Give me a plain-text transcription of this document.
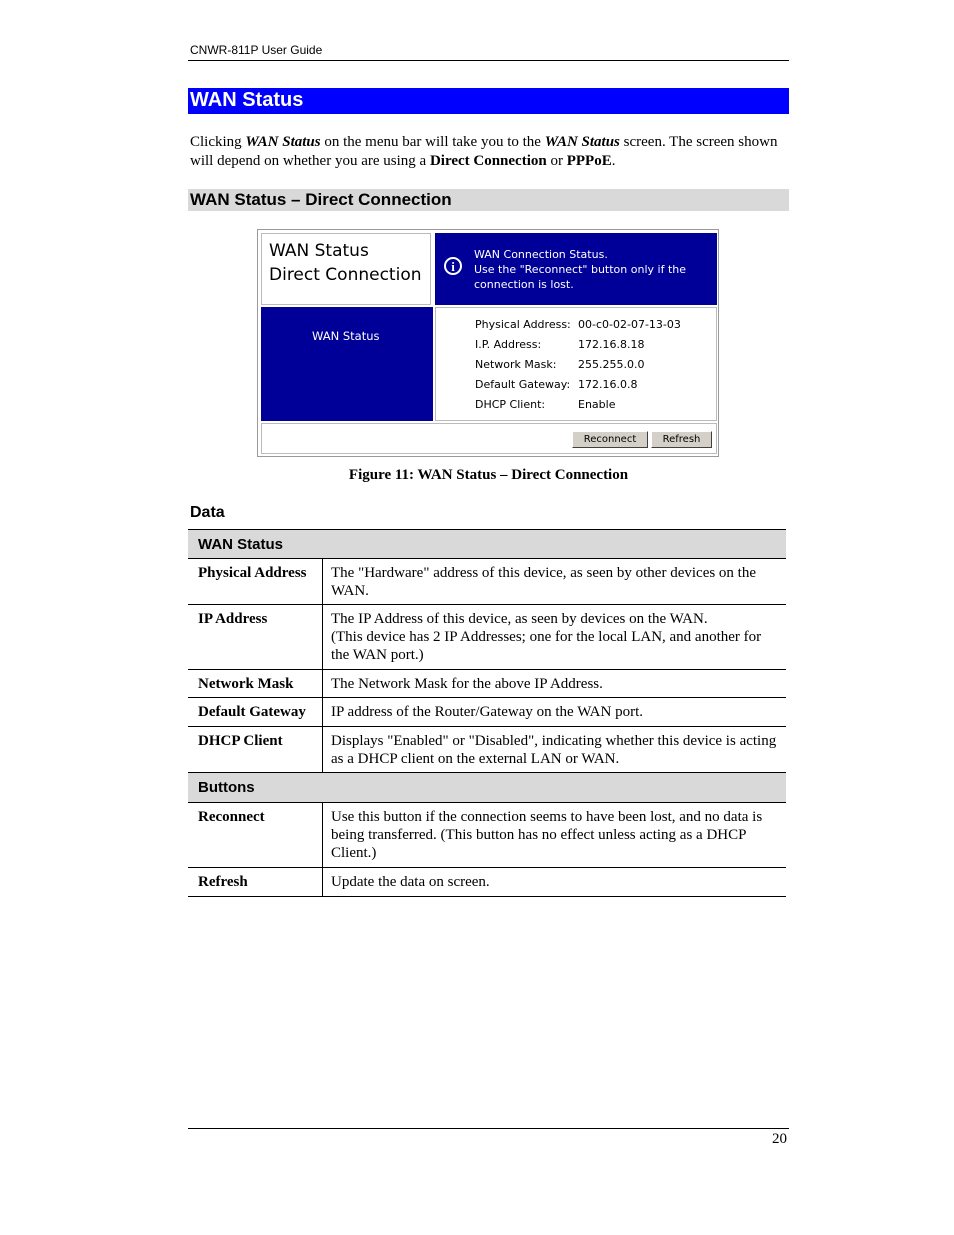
CNWR-811P User Guide
WAN Status
Clicking WAN Status on the menu bar will take you to the WAN Status screen. The screen shown will depend on whether you are using a Direct Connection or PPPoE.
WAN Status – Direct Connection
WAN Status
Direct Connection	i
WAN Connection Status.
Use the "Reconnect" button only if the
connection is lost.
WAN Status
Physical Address: 00-c0-02-07-13-03
I.P. Address:	172.16.8.18
Network Mask: 255.255.0.0
Default Gateway: 172.16.0.8
DHCP Client:	Enable
Reconnect	Refresh
Figure 11: WAN Status – Direct Connection
Data
WAN Status
Physical Address	The "Hardware" address of this device, as seen by other devices on the WAN.
IP Address	The IP Address of this device, as seen by devices on the WAN.
(This device has 2 IP Addresses; one for the local LAN, and another for the WAN port.)
Network Mask	The Network Mask for the above IP Address.
Default Gateway	IP address of the Router/Gateway on the WAN port.
DHCP Client	Displays "Enabled" or "Disabled", indicating whether this device is acting as a DHCP client on the external LAN or WAN.
Buttons
Reconnect	Use this button if the connection seems to have been lost, and no data is being transferred. (This button has no effect unless acting as a DHCP Client.)
Refresh	Update the data on screen.
20
